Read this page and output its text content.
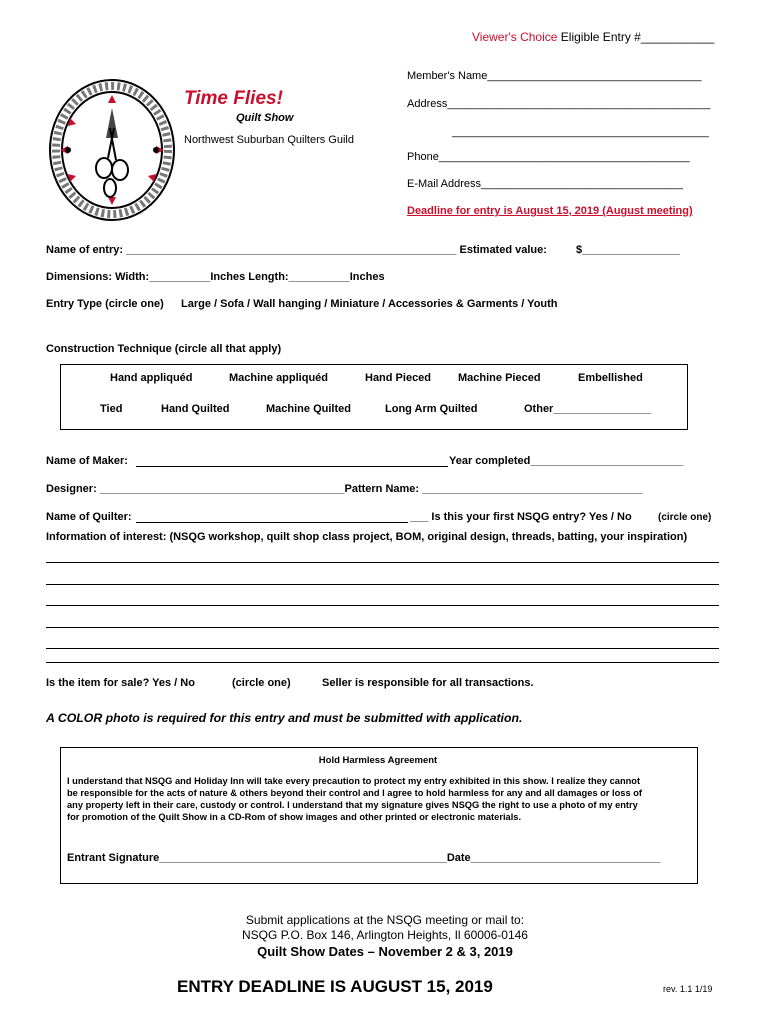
Viewer's Choice Eligible Entry #___________
Time Flies!
Quilt Show
Northwest Suburban Quilters Guild
Member's Name___________________________________
Address___________________________________________
__________________________________________
Phone_________________________________________
E-Mail Address_________________________________
Deadline for entry is August 15, 2019 (August meeting)
Name of entry: ______________________________________________________ Estimated value:	$________________
Dimensions: Width:__________Inches Length:__________Inches
Entry Type (circle one) Large / Sofa / Wall hanging / Miniature / Accessories & Garments / Youth
Construction Technique (circle all that apply)
Hand appliquéd	Machine appliquéd	Hand Pieced Machine Pieced	Embellished
Tied	Hand Quilted	Machine Quilted	Long Arm Quilted	Other________________
Name of Maker:	Year completed_________________________
Designer: ________________________________________Pattern Name: ____________________________________
Name of Quilter:	___ Is this your first NSQG entry? Yes / No	(circle one)
Information of interest: (NSQG workshop, quilt shop class project, BOM, original design, threads, batting, your inspiration)
Is the item for sale? Yes / No	(circle one)	Seller is responsible for all transactions.
A COLOR photo is required for this entry and must be submitted with application.
Hold Harmless Agreement
I understand that NSQG and Holiday Inn will take every precaution to protect my entry exhibited in this show. I realize they cannot
be responsible for the acts of nature & others beyond their control and I agree to hold harmless for any and all damages or loss of
any property left in their care, custody or control. I understand that my signature gives NSQG the right to use a photo of my entry
for promotion of the Quilt Show in a CD-Rom of show images and other printed or electronic materials.
Entrant Signature_______________________________________________Date_______________________________
Submit applications at the NSQG meeting or mail to:
NSQG P.O. Box 146, Arlington Heights, Il 60006-0146
Quilt Show Dates – November 2 & 3, 2019
ENTRY DEADLINE IS AUGUST 15, 2019	rev. 1.1 1/19
